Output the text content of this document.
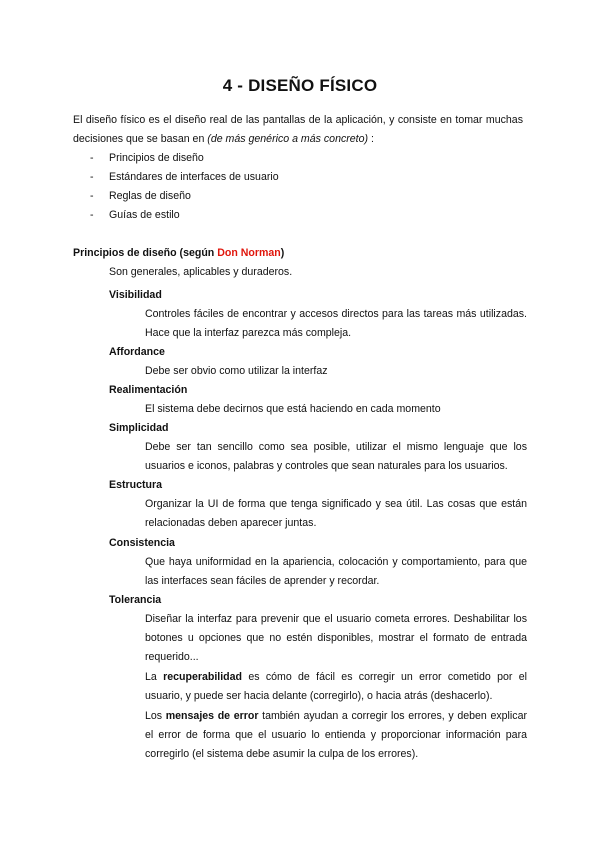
4 - DISEÑO FÍSICO
El diseño físico es el diseño real de las pantallas de la aplicación, y consiste en tomar muchas decisiones que se basan en (de más genérico a más concreto) :
- Principios de diseño
- Estándares de interfaces de usuario
- Reglas de diseño
- Guías de estilo
Principios de diseño (según Don Norman)
Son generales, aplicables y duraderos.
Visibilidad
Controles fáciles de encontrar y accesos directos para las tareas más utilizadas. Hace que la interfaz parezca más compleja.
Affordance
Debe ser obvio como utilizar la interfaz
Realimentación
El sistema debe decirnos que está haciendo en cada momento
Simplicidad
Debe ser tan sencillo como sea posible, utilizar el mismo lenguaje que los usuarios e iconos, palabras y controles que sean naturales para los usuarios.
Estructura
Organizar la UI de forma que tenga significado y sea útil. Las cosas que están relacionadas deben aparecer juntas.
Consistencia
Que haya uniformidad en la apariencia, colocación y comportamiento, para que las interfaces sean fáciles de aprender y recordar.
Tolerancia
Diseñar la interfaz para prevenir que el usuario cometa errores. Deshabilitar los botones u opciones que no estén disponibles, mostrar el formato de entrada requerido...
La recuperabilidad es cómo de fácil es corregir un error cometido por el usuario, y puede ser hacia delante (corregirlo), o hacia atrás (deshacerlo).
Los mensajes de error también ayudan a corregir los errores, y deben explicar el error de forma que el usuario lo entienda y proporcionar información para corregirlo (el sistema debe asumir la culpa de los errores).
